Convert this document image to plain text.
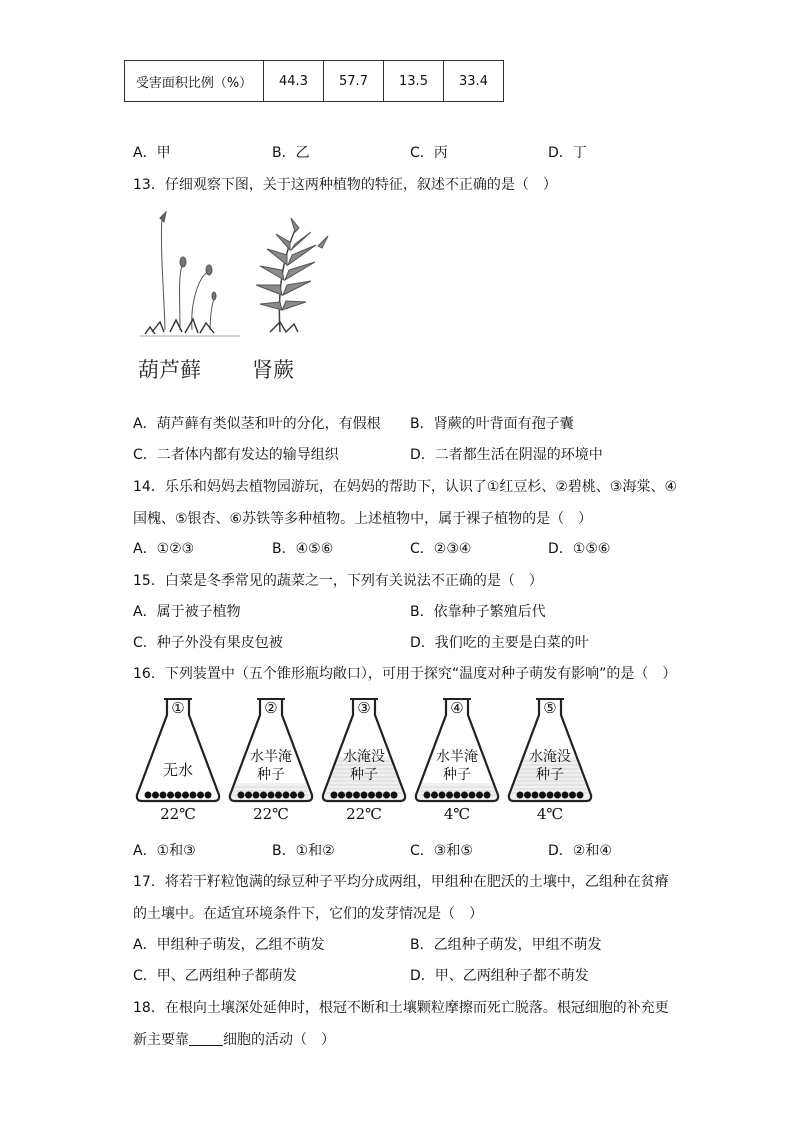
受害面积比例（%）	44.3	57.7	13.5	33.4
A．甲	B．乙	C．丙	D．丁
13．仔细观察下图，关于这两种植物的特征，叙述不正确的是（　）
葫芦藓 肾蕨
A．葫芦藓有类似茎和叶的分化，有假根 B．肾蕨的叶背面有孢子囊
C．二者体内都有发达的输导组织	D．二者都生活在阴湿的环境中
14．乐乐和妈妈去植物园游玩，在妈妈的帮助下，认识了①红豆杉、②碧桃、③海棠、④
国槐、⑤银杏、⑥苏铁等多种植物。上述植物中，属于裸子植物的是（　）
A．①②③	B．④⑤⑥	C．②③④	D．①⑤⑥
15．白菜是冬季常见的蔬菜之一，下列有关说法不正确的是（　）
A．属于被子植物	B．依靠种子繁殖后代
C．种子外没有果皮包被	D．我们吃的主要是白菜的叶
16．下列装置中（五个锥形瓶均敞口），可用于探究“温度对种子萌发有影响”的是（　）
①
无水
22℃
②
水半淹
种子
22℃
③
水淹没
种子
22℃
④
水半淹
种子
4℃
⑤
水淹没
种子
4℃
A．①和③	B．①和②	C．③和⑤	D．②和④
17．将若干籽粒饱满的绿豆种子平均分成两组，甲组种在肥沃的土壤中，乙组种在贫瘠
的土壤中。在适宜环境条件下，它们的发芽情况是（　）
A．甲组种子萌发，乙组不萌发	B．乙组种子萌发，甲组不萌发
C．甲、乙两组种子都萌发	D．甲、乙两组种子都不萌发
18．在根向土壤深处延伸时，根冠不断和土壤颗粒摩擦而死亡脱落。根冠细胞的补充更
新主要靠 细胞的活动（　）
